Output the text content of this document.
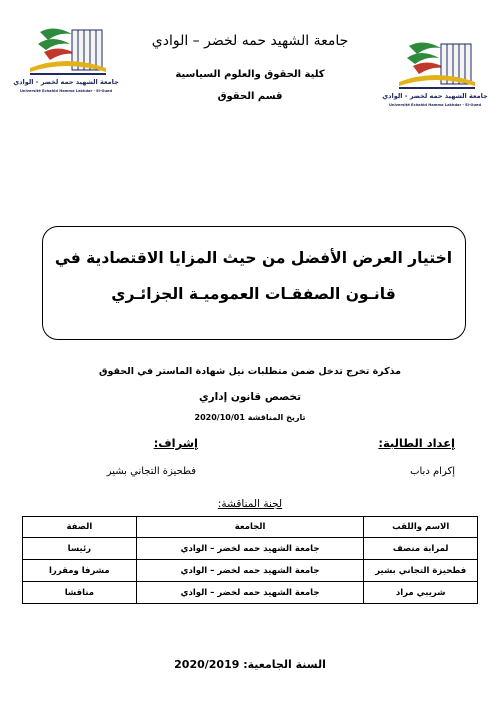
جامعة الشهيد حمه لخضر - الوادي
Université Echahid Hamma Lakhdar - El-Oued
جامعة الشهيد حمه لخضر - الوادي
Université Echahid Hamma Lakhdar - El-Oued
جامعة الشهيد حمه لخضر – الوادي
كلية الحقوق والعلوم السياسية
قسم الحقوق
اختيار العرض الأفضل من حيث المزايا الاقتصادية في
قانـون الصفقـات العموميـة الجزائـري
مذكرة تخرج تدخل ضمن متطلبات نيل شهادة الماستر في الحقوق
تخصص قانون إداري
تاريخ المناقشة 2020/10/01
إعداد الطالبة:
إشراف:
إكرام دباب
فطحيزة التجاني بشير
لجنة المناقشة:
الاسم واللقب	الجامعة	الصفة
لمرابة منصف	جامعة الشهيد حمه لخضر – الوادي	رئيسا
فطحيزة التجاني بشير	جامعة الشهيد حمه لخضر – الوادي	مشرفا ومقررا
شريبي مراد	جامعة الشهيد حمه لخضر – الوادي	مناقشا
السنة الجامعية: 2020/2019
